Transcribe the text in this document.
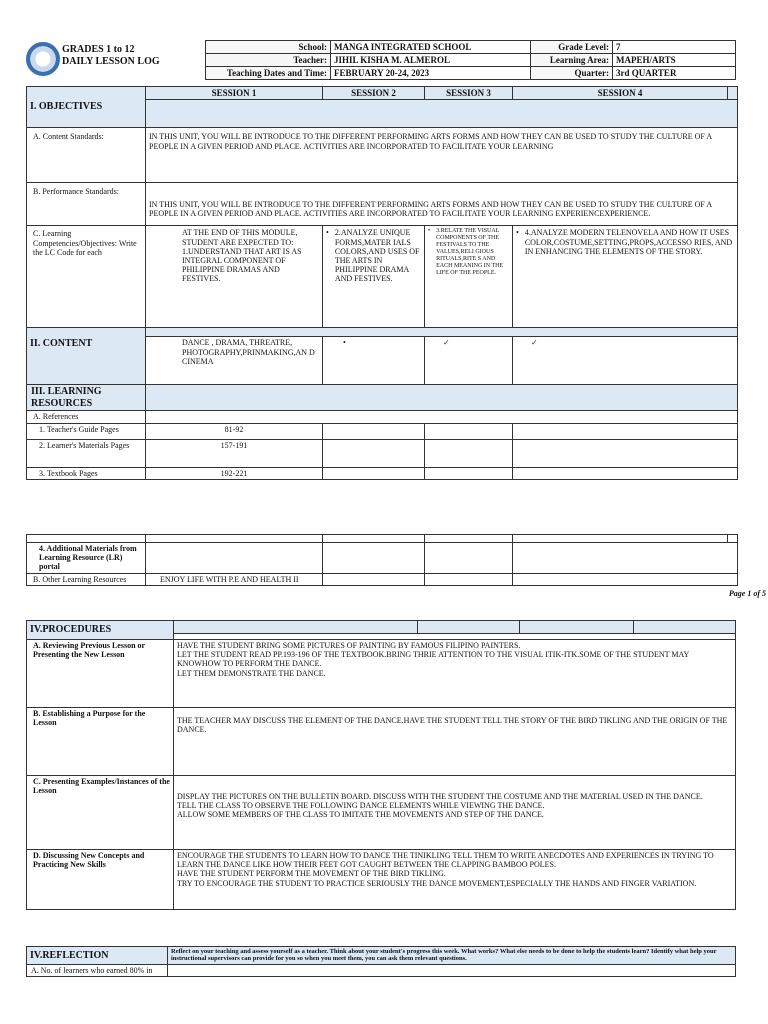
GRADES 1 to 12
DAILY LESSON LOG
School:	MANGA INTEGRATED SCHOOL	Grade Level:	7
Teacher:	JIHIL KISHA M. ALMEROL	Learning Area:	MAPEH/ARTS
Teaching Dates and Time:	FEBRUARY 20-24, 2023	Quarter:	3rd QUARTER
I. OBJECTIVES	SESSION 1	SESSION 2	SESSION 3	SESSION 4	

A. Content Standards:	IN THIS UNIT, YOU WILL BE INTRODUCE TO THE DIFFERENT PERFORMING ARTS FORMS AND HOW THEY CAN BE USED TO STUDY THE CULTURE OF A PEOPLE IN A GIVEN PERIOD AND PLACE. ACTIVITIES ARE INCORPORATED TO FACILITATE YOUR LEARNING				
B. Performance Standards:	IN THIS UNIT, YOU WILL BE INTRODUCE TO THE DIFFERENT PERFORMING ARTS FORMS AND HOW THEY CAN BE USED TO STUDY THE CULTURE OF A PEOPLE IN A GIVEN PERIOD AND PLACE. ACTIVITIES ARE INCORPORATED TO FACILITATE YOUR LEARNING EXPERIENCEXPERIENCE.				
C. Learning Competencies/Objectives: Write the LC Code for each	AT THE END OF THIS MODULE, STUDENT ARE EXPECTED TO: 1.UNDERSTAND THAT ART IS AS INTEGRAL COMPONENT OF PHILIPPINE DRAMAS AND FESTIVES.	• 2.ANALYZE UNIQUE FORMS,MATER IALS COLORS,AND USES OF THE ARTS IN PHILIPPINE DRAMA AND FESTIVES.	• 3.RELATE THE VISUAL COMPONENTS OF THE FESTIVALS TO THE VALUES,RELI GIOUS RITUALS,RITE S AND EACH MEANING IN THE LIFE OF THE PEOPLE.	• 4.ANALYZE MODERN TELENOVELA AND HOW IT USES COLOR,COSTUME,SETTING,PROPS,ACCESSO RIES, AND IN ENHANCING THE ELEMENTS OF THE STORY.	

II. CONTENT					
	DANCE , DRAMA, THREATRE, PHOTOGRAPHY,PRINMAKING,AN D CINEMA	•	✓	✓	
III. LEARNING RESOURCES					
A. References					
1. Teacher's Guide Pages	81-92				
2. Learner's Materials Pages	157-191				
3. Textbook Pages	192-221				

4. Additional Materials from Learning Resource (LR) portal					
B. Other Learning Resources	ENJOY LIFE WITH P.E AND HEALTH II				
Page 1 of 5
IV.PROCEDURES				

A. Reviewing Previous Lesson or Presenting the New Lesson	HAVE THE STUDENT BRING SOME PICTURES OF PAINTING BY FAMOUS FILIPINO PAINTERS.
LET THE STUDENT READ PP.193-196 OF THE TEXTBOOK.BRING THRIE ATTENTION TO THE VISUAL ITIK-ITK.SOME OF THE STUDENT MAY KNOWHOW TO PERFORM THE DANCE.
LET THEM DEMONSTRATE THE DANCE.			
B. Establishing a Purpose for the Lesson	THE TEACHER MAY DISCUSS THE ELEMENT OF THE DANCE.HAVE THE STUDENT TELL THE STORY OF THE BIRD TIKLING AND THE ORIGIN OF THE DANCE.			
C. Presenting Examples/Instances of the Lesson	DISPLAY THE PICTURES ON THE BULLETIN BOARD. DISCUSS WITH THE STUDENT THE COSTUME AND THE MATERIAL USED IN THE DANCE.
TELL THE CLASS TO OBSERVE THE FOLLOWING DANCE ELEMENTS WHILE VIEWING THE DANCE.
ALLOW SOME MEMBERS OF THE CLASS TO IMITATE THE MOVEMENTS AND STEP OF THE DANCE.			
D. Discussing New Concepts and Practicing New Skills	ENCOURAGE THE STUDENTS TO LEARN HOW TO DANCE THE TINIKLING TELL THEM TO WRITE ANECDOTES AND EXPERIENCES IN TRYING TO LEARN THE DANCE LIKE HOW THEIR FEET GOT CAUGHT BETWEEN THE CLAPPING BAMBOO POLES.
HAVE THE STUDENT PERFORM THE MOVEMENT OF THE BIRD TIKLING.
TRY TO ENCOURAGE THE STUDENT TO PRACTICE SERIOUSLY THE DANCE MOVEMENT,ESPECIALLY THE HANDS AND FINGER VARIATION.			
IV.REFLECTION	Reflect on your teaching and assess yourself as a teacher. Think about your student's progress this week. What works? What else needs to be done to help the students learn? Identify what help your instructional supervisors can provide for you so when you meet them, you can ask them relevant questions.
A. No. of learners who earned 80% in	
